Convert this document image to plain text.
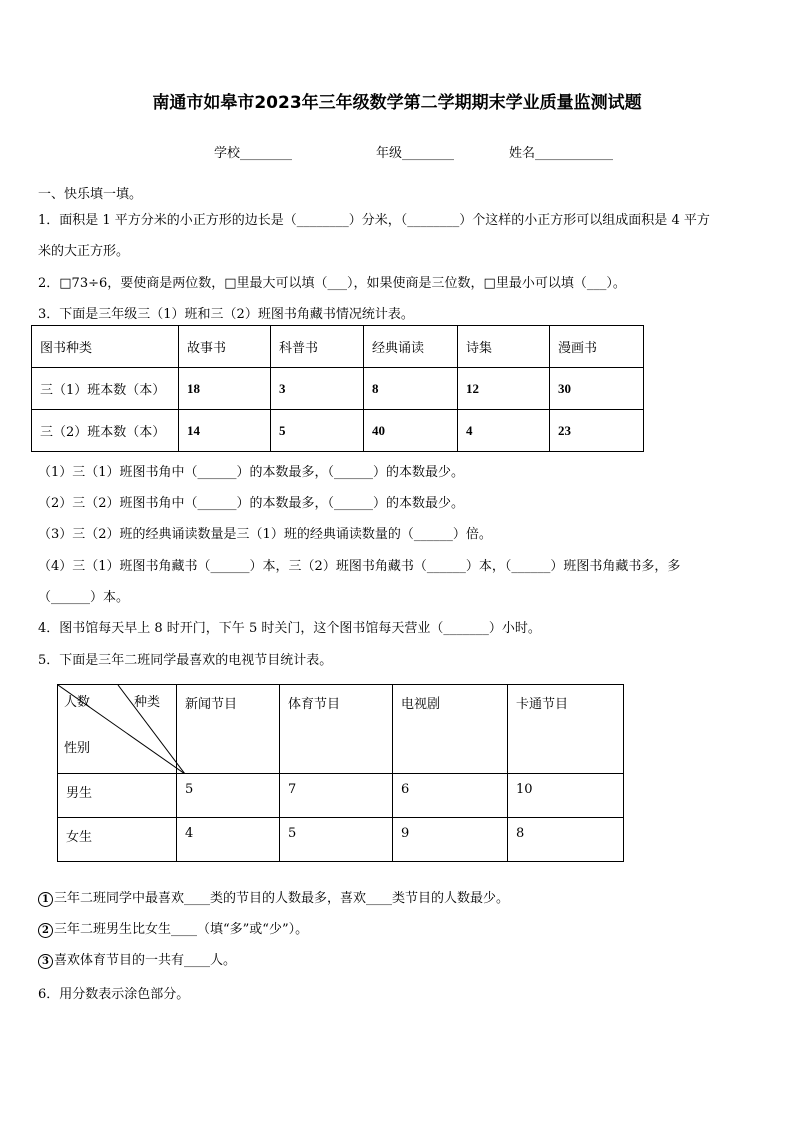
南通市如皋市2023年三年级数学第二学期期末学业质量监测试题
学校________	年级________	姓名____________
一、快乐填一填。
1．面积是 1 平方分米的小正方形的边长是（________）分米，（________）个这样的小正方形可以组成面积是 4 平方
米的大正方形。
2．□73÷6，要使商是两位数，□里最大可以填（___），如果使商是三位数，□里最小可以填（___）。
3．下面是三年级三（1）班和三（2）班图书角藏书情况统计表。
图书种类	故事书	科普书	经典诵读	诗集	漫画书
三（1）班本数（本）	18	3	8	12	30
三（2）班本数（本）	14	5	40	4	23
（1）三（1）班图书角中（______）的本数最多，（______）的本数最少。
（2）三（2）班图书角中（______）的本数最多，（______）的本数最少。
（3）三（2）班的经典诵读数量是三（1）班的经典诵读数量的（______）倍。
（4）三（1）班图书角藏书（______）本，三（2）班图书角藏书（______）本，（______）班图书角藏书多，多
（______）本。
4．图书馆每天早上 8 时开门，下午 5 时关门，这个图书馆每天营业（_______）小时。
5．下面是三年二班同学最喜欢的电视节目统计表。
人数 种类
性别	新闻节目	体育节目	电视剧	卡通节目
男生	5	7	6	10
女生	4	5	9	8
1 三年二班同学中最喜欢____类的节目的人数最多，喜欢____类节目的人数最少。
2 三年二班男生比女生____（填“多”或“少”）。
3 喜欢体育节目的一共有____人。
6．用分数表示涂色部分。
